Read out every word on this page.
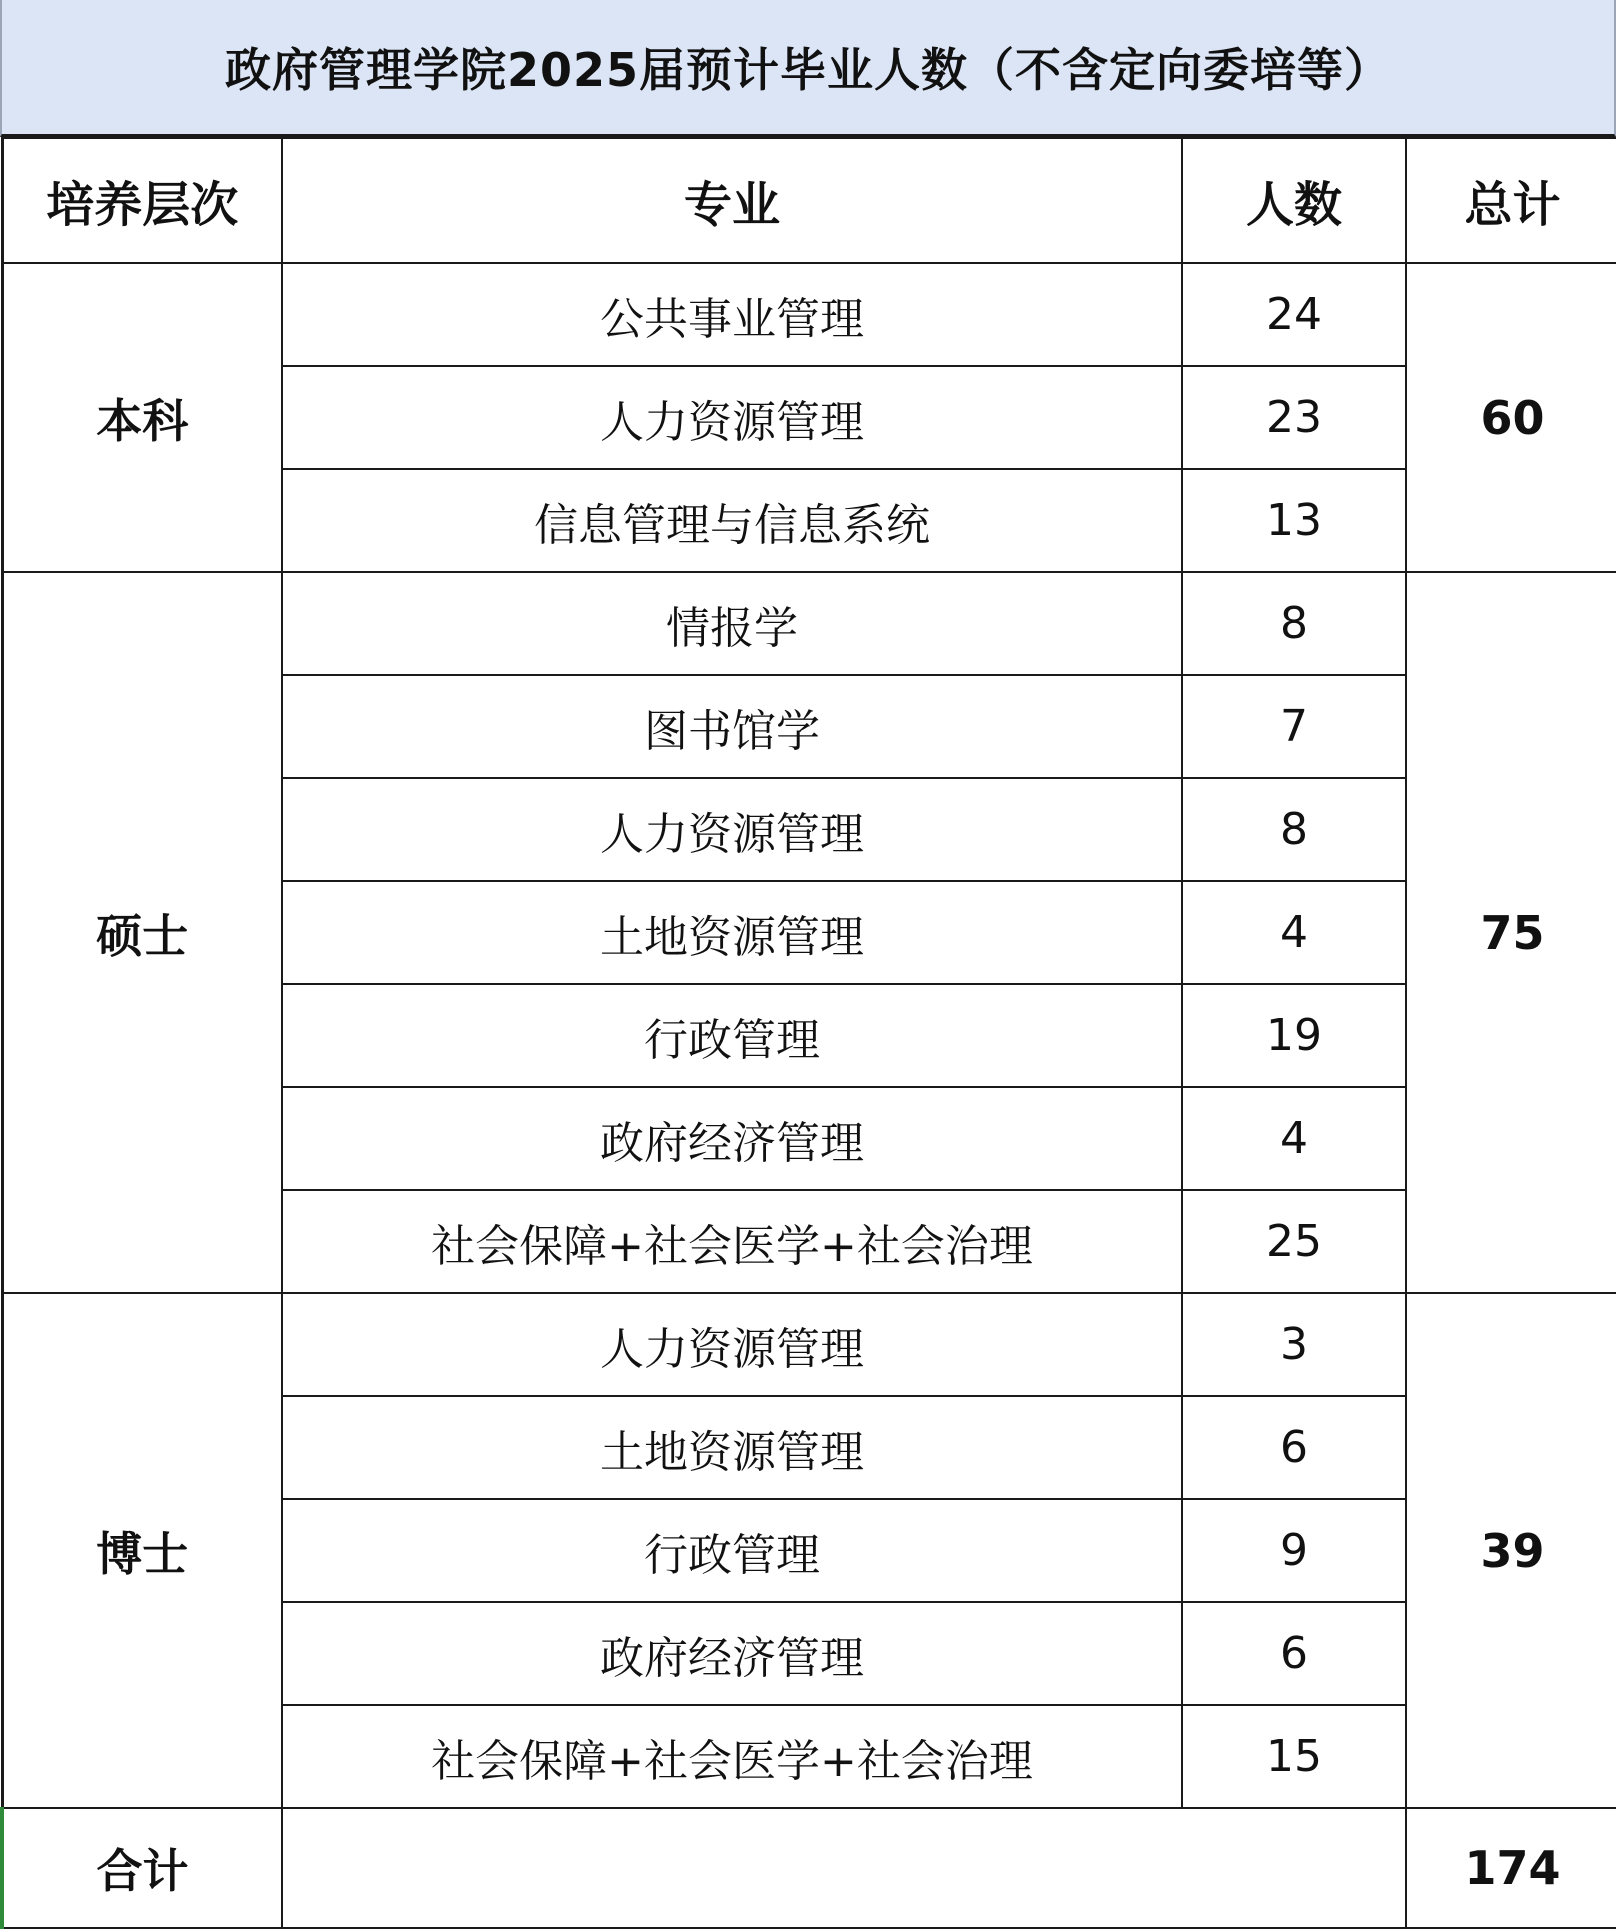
政府管理学院2025届预计毕业人数（不含定向委培等）
培养层次	专业	人数	总计
本科	公共事业管理	24	60
	人力资源管理	23	
	信息管理与信息系统	13	
硕士	情报学	8	75
	图书馆学	7	
	人力资源管理	8	
	土地资源管理	4	
	行政管理	19	
	政府经济管理	4	
	社会保障+社会医学+社会治理	25	
博士	人力资源管理	3	39
	土地资源管理	6	
	行政管理	9	
	政府经济管理	6	
	社会保障+社会医学+社会治理	15	
合计			174
